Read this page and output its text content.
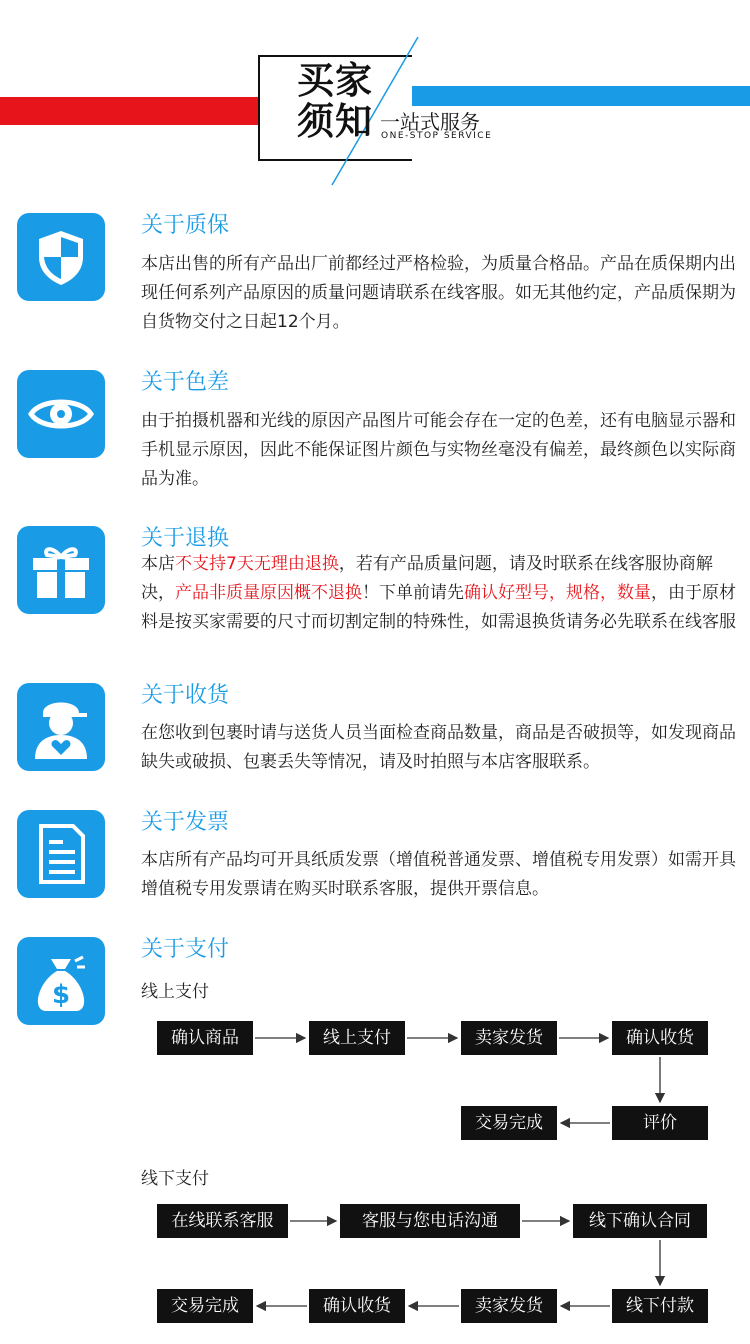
买家
须知 一站式服务
ONE-STOP SERVICE
关于质保
本店出售的所有产品出厂前都经过严格检验，为质量合格品。产品在质保期内出现任何系列产品原因的质量问题请联系在线客服。如无其他约定，产品质保期为自货物交付之日起12个月。
关于色差
由于拍摄机器和光线的原因产品图片可能会存在一定的色差，还有电脑显示器和手机显示原因，因此不能保证图片颜色与实物丝毫没有偏差，最终颜色以实际商品为准。
关于退换
本店不支持7天无理由退换，若有产品质量问题，请及时联系在线客服协商解决，产品非质量原因概不退换！下单前请先确认好型号，规格，数量，由于原材料是按买家需要的尺寸而切割定制的特殊性，如需退换货请务必先联系在线客服
关于收货
在您收到包裹时请与送货人员当面检查商品数量，商品是否破损等，如发现商品缺失或破损、包裹丢失等情况，请及时拍照与本店客服联系。
关于发票
本店所有产品均可开具纸质发票（增值税普通发票、增值税专用发票）如需开具增值税专用发票请在购买时联系客服，提供开票信息。
$
关于支付
线上支付
确认商品	线上支付	卖家发货	确认收货
评价
交易完成
线下支付
在线联系客服	客服与您电话沟通	线下确认合同
线下付款
卖家发货
确认收货
交易完成
